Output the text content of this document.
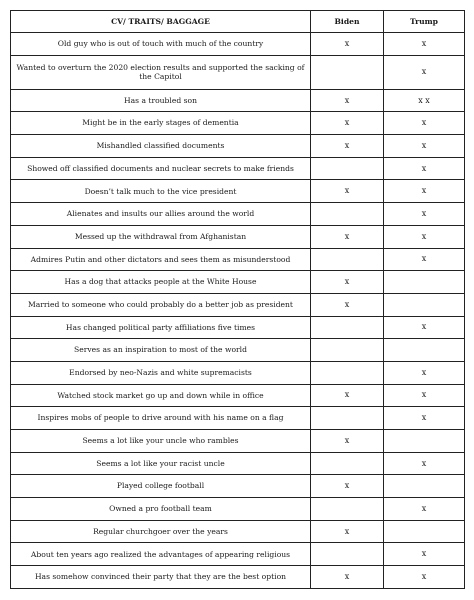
CV/ TRAITS/ BAGGAGE	Biden	Trump
Old guy who is out of touch with much of the country	x	x
Wanted to overturn the 2020 election results and supported the sacking of the Capitol		x
Has a troubled son	x	x x
Might be in the early stages of dementia	x	x
Mishandled classified documents	x	x
Showed off classified documents and nuclear secrets to make friends		x
Doesn’t talk much to the vice president	x	x
Alienates and insults our allies around the world		x
Messed up the withdrawal from Afghanistan	x	x
Admires Putin and other dictators and sees them as misunderstood		x
Has a dog that attacks people at the White House	x	
Married to someone who could probably do a better job as president	x	
Has changed political party affiliations five times		x
Serves as an inspiration to most of the world		
Endorsed by neo-Nazis and white supremacists		x
Watched stock market go up and down while in office	x	x
Inspires mobs of people to drive around with his name on a flag		x
Seems a lot like your uncle who rambles	x	
Seems a lot like your racist uncle		x
Played college football	x	
Owned a pro football team		x
Regular churchgoer over the years	x	
About ten years ago realized the advantages of appearing religious		x
Has somehow convinced their party that they are the best option	x	x
